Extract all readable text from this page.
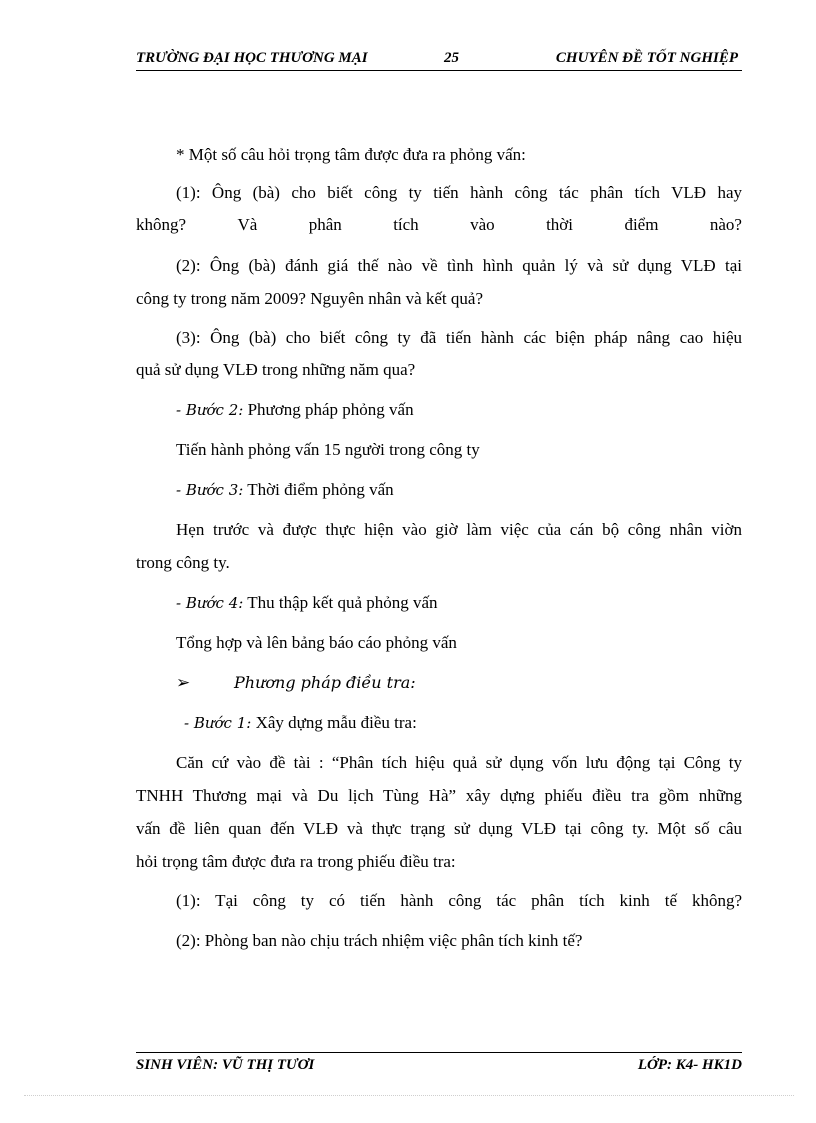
TRƯỜNG ĐẠI HỌC THƯƠNG MẠI	25	CHUYÊN ĐỀ TỐT NGHIỆP
* Một số câu hỏi trọng tâm được đưa ra phỏng vấn:
(1): Ông (bà) cho biết công ty tiến hành công tác phân tích VLĐ hay
không?	Và	phân	tích	vào	thời	điểm	nào?
(2): Ông (bà) đánh giá thế nào về tình hình quản lý và sử dụng VLĐ tại
công ty trong năm 2009? Nguyên nhân và kết quả?
(3): Ông (bà) cho biết công ty đã tiến hành các biện pháp nâng cao hiệu
quả sử dụng VLĐ trong những năm qua?
- Bước 2: Phương pháp phỏng vấn
Tiến hành phỏng vấn 15 người trong công ty
- Bước 3: Thời điểm phỏng vấn
Hẹn trước và được thực hiện vào giờ làm việc của cán bộ công nhân viờn
trong công ty.
- Bước 4: Thu thập kết quả phỏng vấn
Tổng hợp và lên bảng báo cáo phỏng vấn
➢	Phương pháp điều tra:
- Bước 1: Xây dựng mẫu điều tra:
Căn cứ vào đề tài : “Phân tích hiệu quả sử dụng vốn lưu động tại Công ty
TNHH Thương mại và Du lịch Tùng Hà” xây dựng phiếu điều tra gồm những
vấn đề liên quan đến VLĐ và thực trạng sử dụng VLĐ tại công ty. Một số câu
hỏi trọng tâm được đưa ra trong phiếu điều tra:
(1): Tại công ty có tiến hành công tác phân tích kinh tế không?
(2): Phòng ban nào chịu trách nhiệm việc phân tích kinh tế?
SINH VIÊN: VŨ THỊ TƯƠI	LỚP: K4- HK1D
